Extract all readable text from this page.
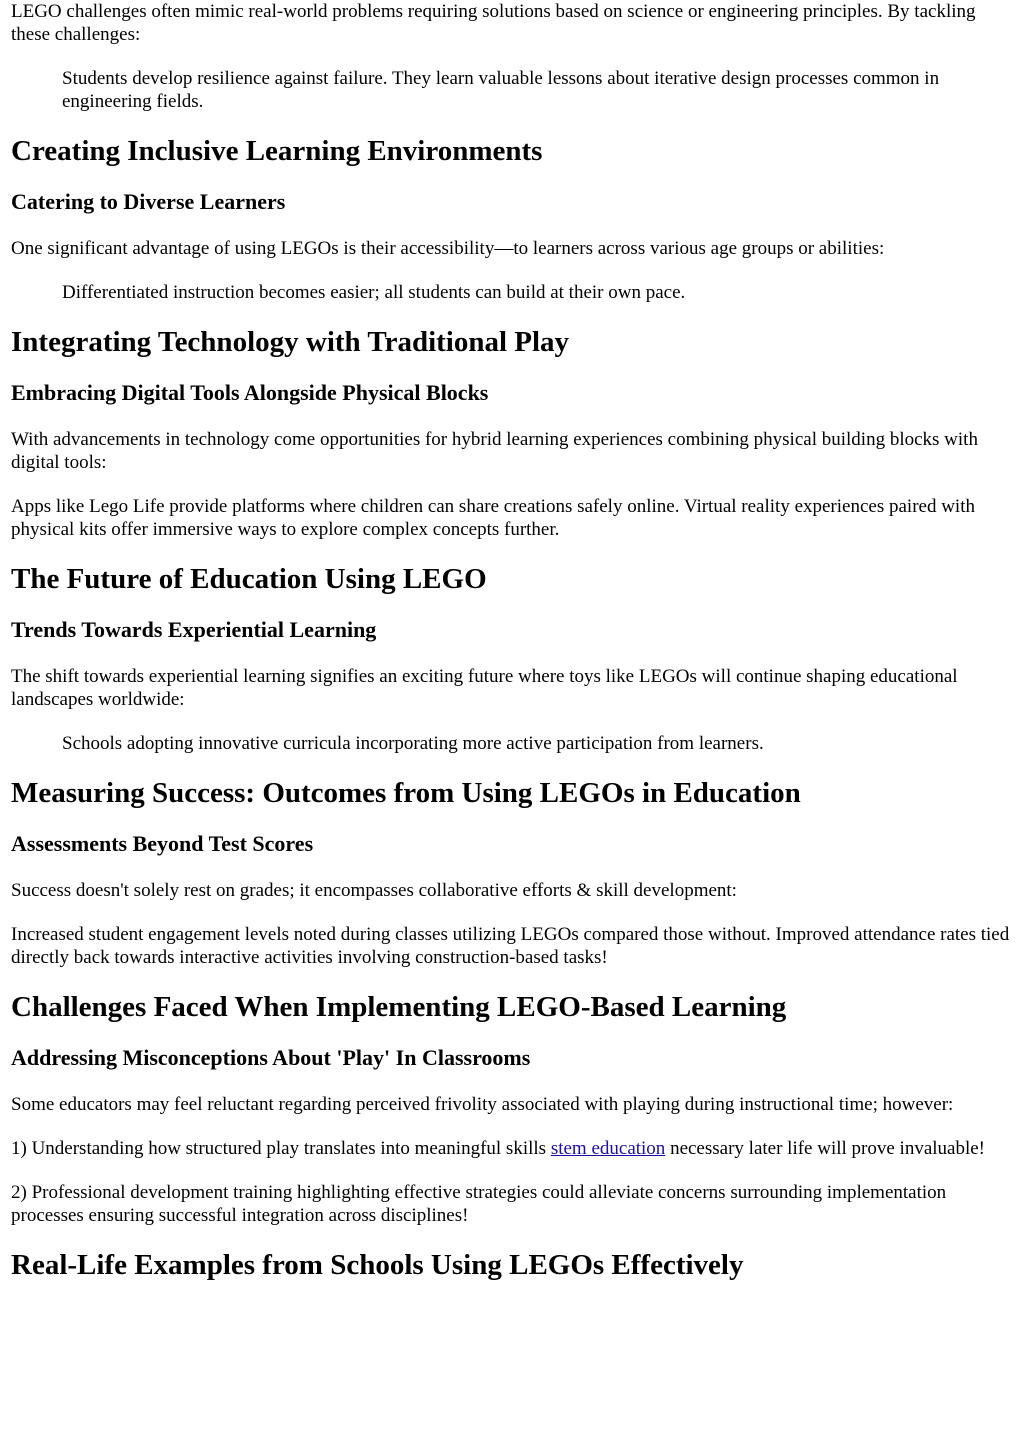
LEGO challenges often mimic real-world problems requiring solutions based on science or engineering principles. By tackling these challenges:

Students develop resilience against failure. They learn valuable lessons about iterative design processes common in engineering fields.
Creating Inclusive Learning Environments
Catering to Diverse Learners

One significant advantage of using LEGOs is their accessibility—to learners across various age groups or abilities:

Differentiated instruction becomes easier; all students can build at their own pace.
Integrating Technology with Traditional Play
Embracing Digital Tools Alongside Physical Blocks

With advancements in technology come opportunities for hybrid learning experiences combining physical building blocks with digital tools:

Apps like Lego Life provide platforms where children can share creations safely online. Virtual reality experiences paired with physical kits offer immersive ways to explore complex concepts further.

The Future of Education Using LEGO
Trends Towards Experiential Learning

The shift towards experiential learning signifies an exciting future where toys like LEGOs will continue shaping educational landscapes worldwide:

Schools adopting innovative curricula incorporating more active participation from learners.
Measuring Success: Outcomes from Using LEGOs in Education
Assessments Beyond Test Scores

Success doesn't solely rest on grades; it encompasses collaborative efforts & skill development:

Increased student engagement levels noted during classes utilizing LEGOs compared those without. Improved attendance rates tied directly back towards interactive activities involving construction-based tasks!

Challenges Faced When Implementing LEGO-Based Learning
Addressing Misconceptions About 'Play' In Classrooms

Some educators may feel reluctant regarding perceived frivolity associated with playing during instructional time; however:

1) Understanding how structured play translates into meaningful skills stem education necessary later life will prove invaluable!

2) Professional development training highlighting effective strategies could alleviate concerns surrounding implementation processes ensuring successful integration across disciplines!

Real-Life Examples from Schools Using LEGOs Effectively
